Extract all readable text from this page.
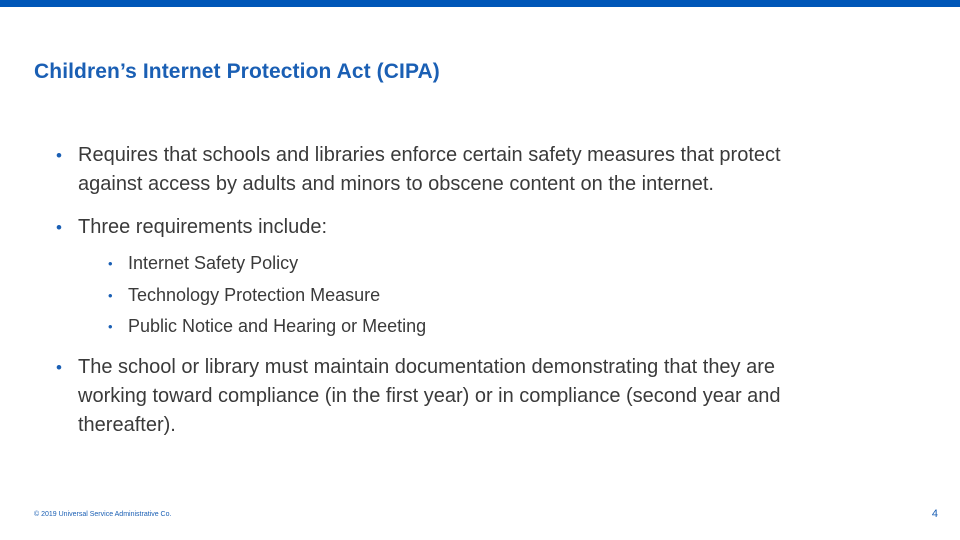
Children’s Internet Protection Act (CIPA)
• Requires that schools and libraries enforce certain safety measures that protect against access by adults and minors to obscene content on the internet.
• Three requirements include:
• Internet Safety Policy
• Technology Protection Measure
• Public Notice and Hearing or Meeting
• The school or library must maintain documentation demonstrating that they are working toward compliance (in the first year) or in compliance (second year and thereafter).
© 2019 Universal Service Administrative Co.	4
